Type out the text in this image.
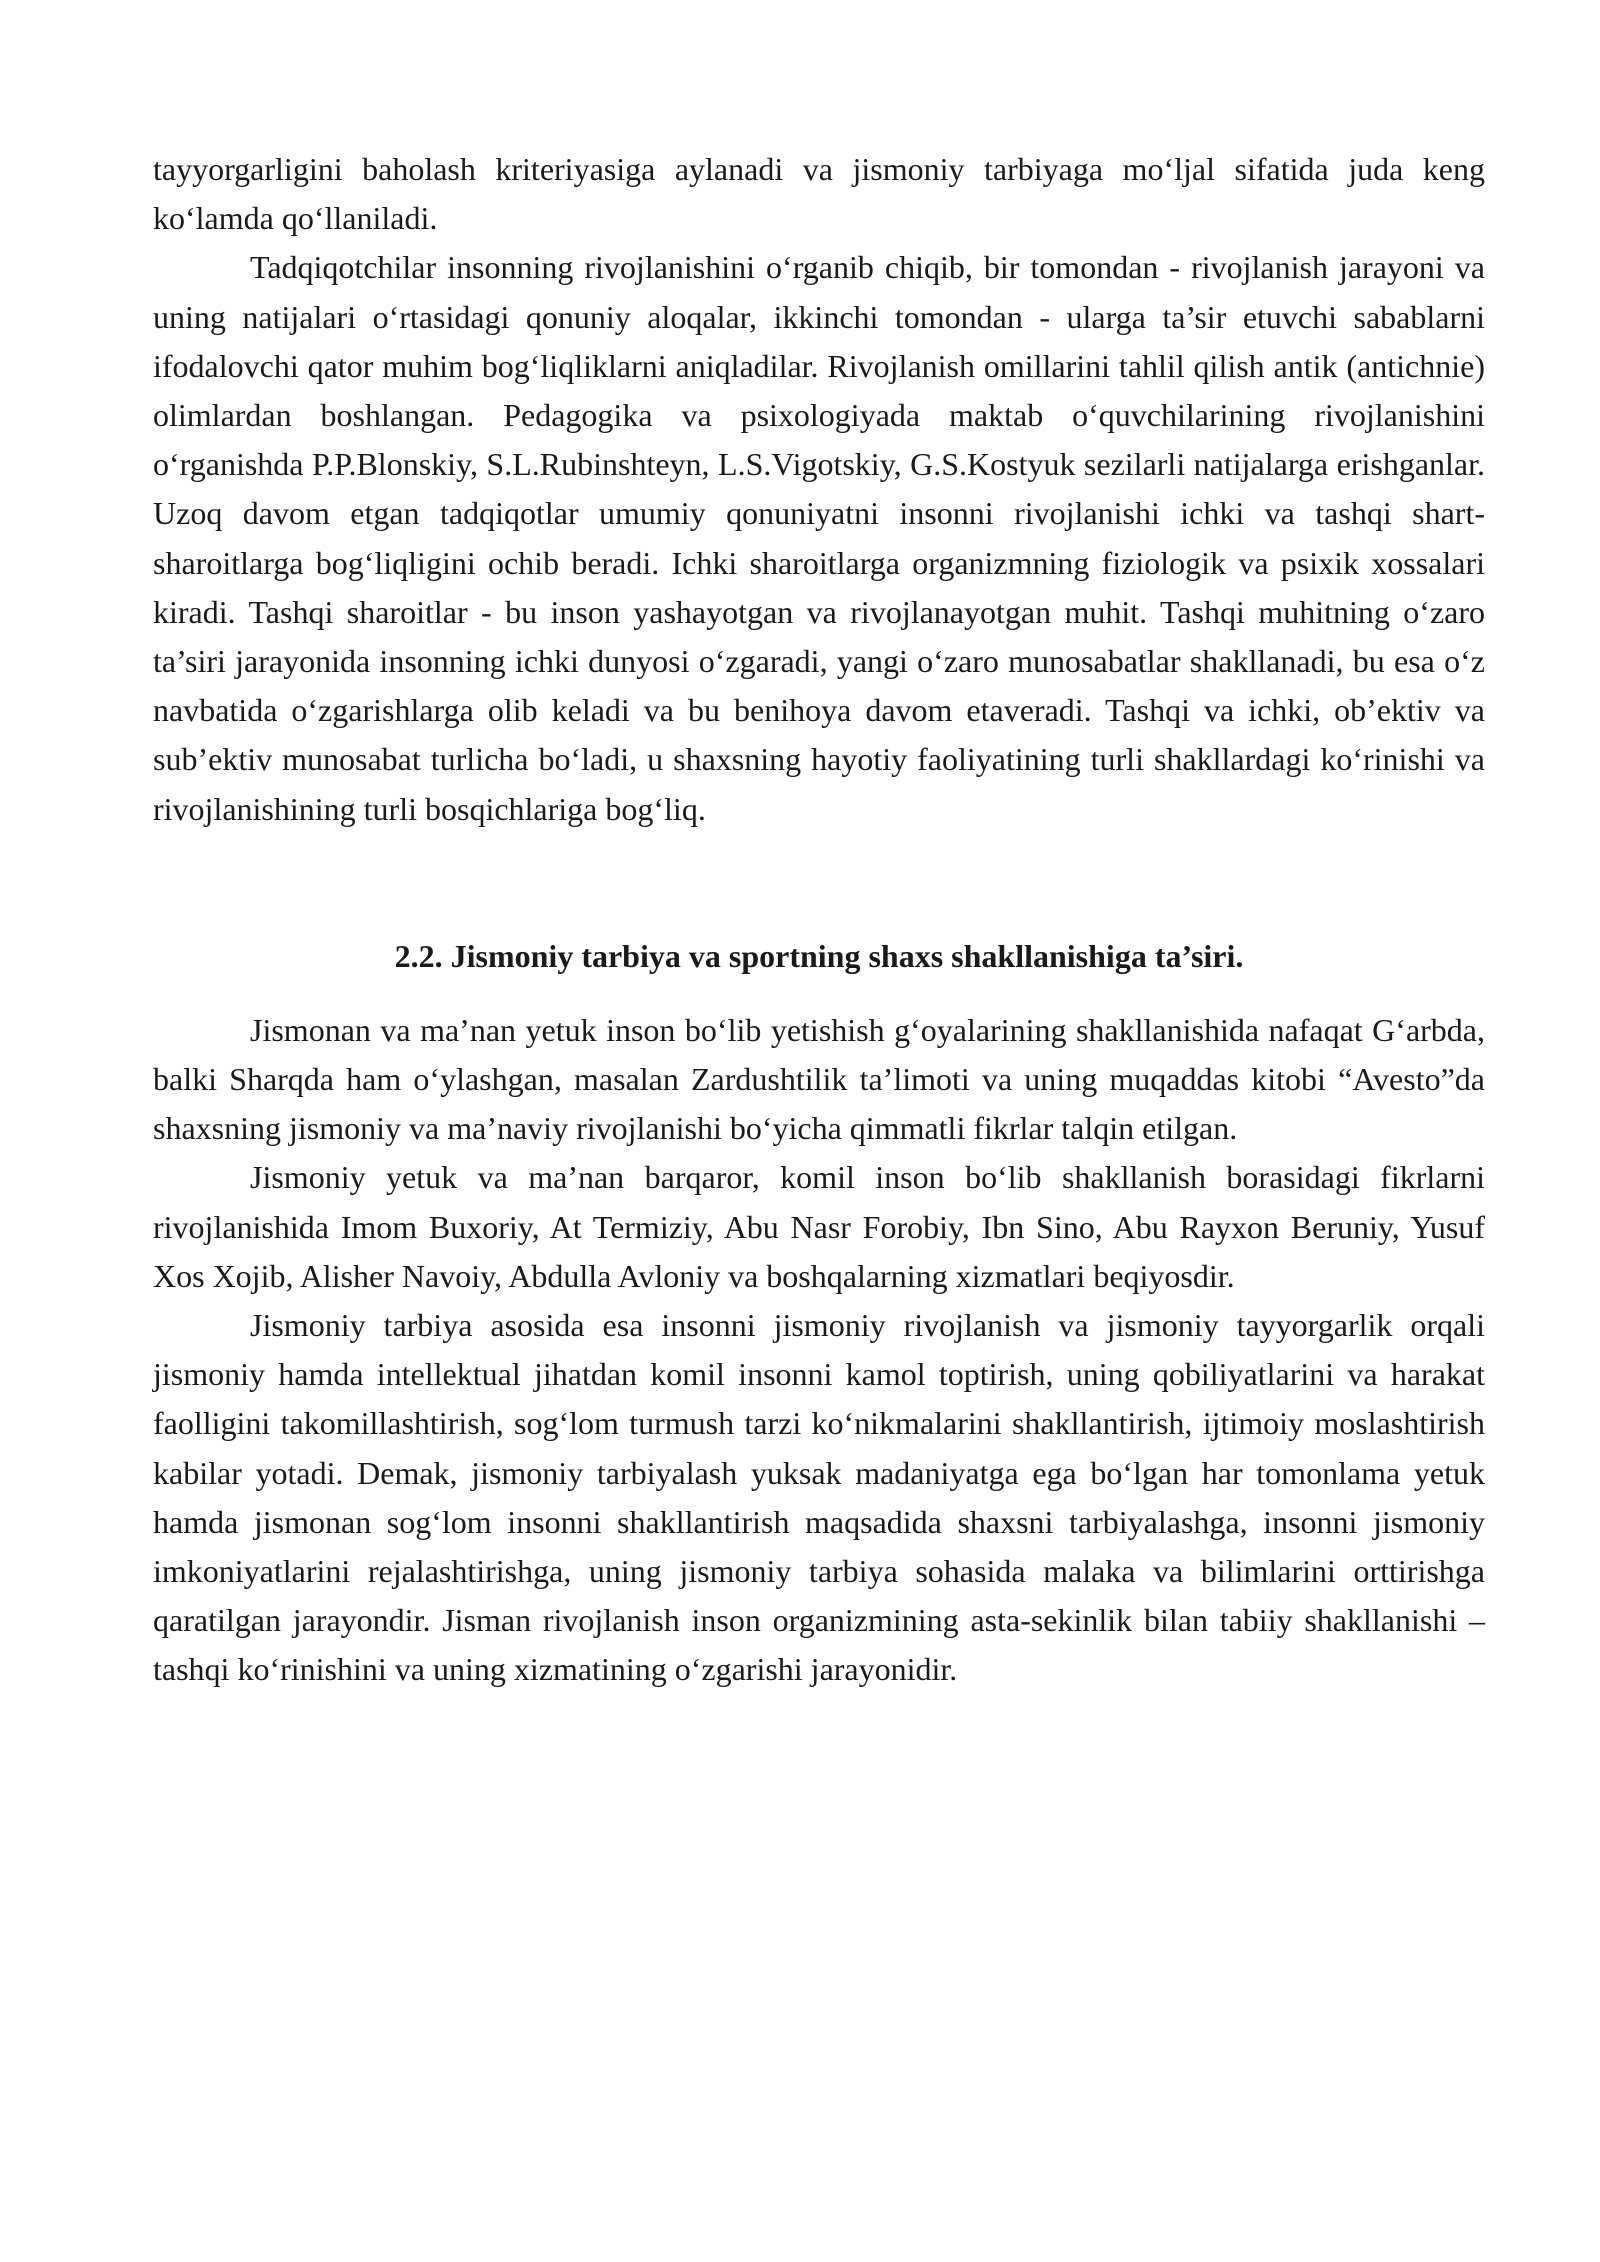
tayyorgarligini baholash kriteriyasiga aylanadi va jismoniy tarbiyaga mo‘ljal sifatida juda keng ko‘lamda qo‘llaniladi.

Tadqiqotchilar insonning rivojlanishini o‘rganib chiqib, bir tomondan - rivojlanish jarayoni va uning natijalari o‘rtasidagi qonuniy aloqalar, ikkinchi tomondan - ularga ta’sir etuvchi sabablarni ifodalovchi qator muhim bog‘liqliklarni aniqladilar. Rivojlanish omillarini tahlil qilish antik (antichnie) olimlardan boshlangan. Pedagogika va psixologiyada maktab o‘quvchilarining rivojlanishini o‘rganishda P.P.Blonskiy, S.L.Rubinshteyn, L.S.Vigotskiy, G.S.Kostyuk sezilarli natijalarga erishganlar. Uzoq davom etgan tadqiqotlar umumiy qonuniyatni insonni rivojlanishi ichki va tashqi shart-sharoitlarga bog‘liqligini ochib beradi. Ichki sharoitlarga organizmning fiziologik va psixik xossalari kiradi. Tashqi sharoitlar - bu inson yashayotgan va rivojlanayotgan muhit. Tashqi muhitning o‘zaro ta’siri jarayonida insonning ichki dunyosi o‘zgaradi, yangi o‘zaro munosabatlar shakllanadi, bu esa o‘z navbatida o‘zgarishlarga olib keladi va bu benihoya davom etaveradi. Tashqi va ichki, ob’ektiv va sub’ektiv munosabat turlicha bo‘ladi, u shaxsning hayotiy faoliyatining turli shakllardagi ko‘rinishi va rivojlanishining turli bosqichlariga bog‘liq.

2.2. Jismoniy tarbiya va sportning shaxs shakllanishiga ta’siri.

Jismonan va ma’nan yetuk inson bo‘lib yetishish g‘oyalarining shakllanishida nafaqat G‘arbda, balki Sharqda ham o‘ylashgan, masalan Zardushtilik ta’limoti va uning muqaddas kitobi “Avesto”da shaxsning jismoniy va ma’naviy rivojlanishi bo‘yicha qimmatli fikrlar talqin etilgan.

Jismoniy yetuk va ma’nan barqaror, komil inson bo‘lib shakllanish borasidagi fikrlarni rivojlanishida Imom Buxoriy, At Termiziy, Abu Nasr Forobiy, Ibn Sino, Abu Rayxon Beruniy, Yusuf Xos Xojib, Alisher Navoiy, Abdulla Avloniy va boshqalarning xizmatlari beqiyosdir.

Jismoniy tarbiya asosida esa insonni jismoniy rivojlanish va jismoniy tayyorgarlik orqali jismoniy hamda intellektual jihatdan komil insonni kamol toptirish, uning qobiliyatlarini va harakat faolligini takomillashtirish, sog‘lom turmush tarzi ko‘nikmalarini shakllantirish, ijtimoiy moslashtirish kabilar yotadi. Demak, jismoniy tarbiyalash yuksak madaniyatga ega bo‘lgan har tomonlama yetuk hamda jismonan sog‘lom insonni shakllantirish maqsadida shaxsni tarbiyalashga, insonni jismoniy imkoniyatlarini rejalashtirishga, uning jismoniy tarbiya sohasida malaka va bilimlarini orttirishga qaratilgan jarayondir. Jisman rivojlanish inson organizmining asta-sekinlik bilan tabiiy shakllanishi – tashqi ko‘rinishini va uning xizmatining o‘zgarishi jarayonidir.
